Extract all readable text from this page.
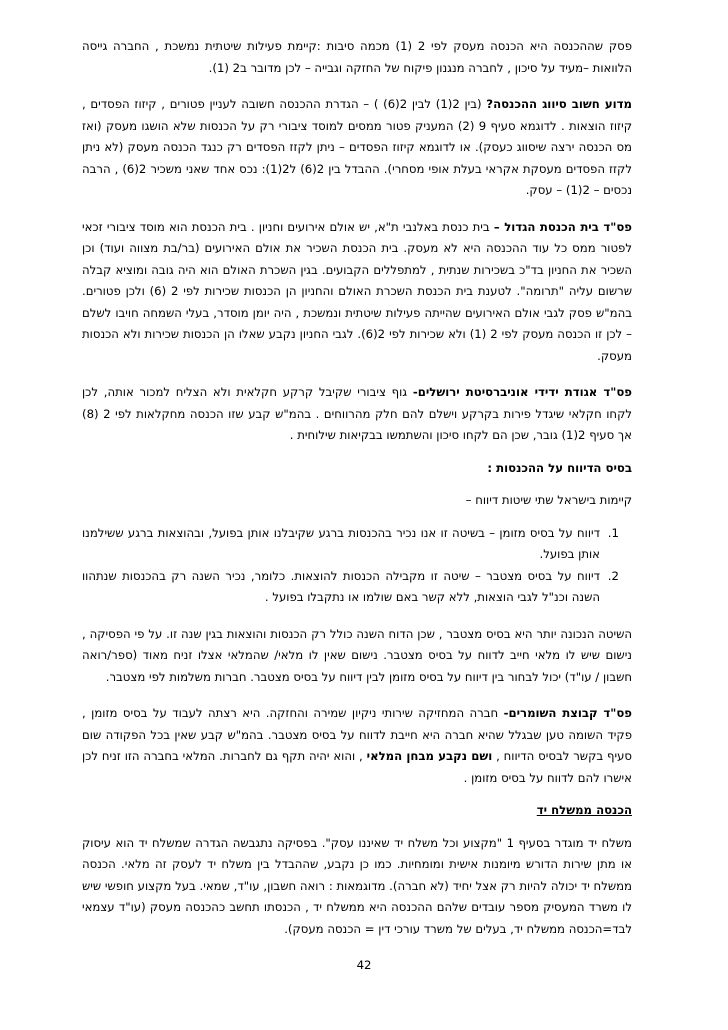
פסק שההכנסה היא הכנסה מעסק לפי 2 (1) מכמה סיבות :קיימת פעילות שיטתית נמשכת , החברה גייסה הלוואות –מעיד על סיכון , לחברה מנגנון פיקוח של החזקה וגבייה – לכן מדובר ב2 (1).

מדוע חשוב סיווג ההכנסה? (בין 2(1) לבין 2(6) ) – הגדרת ההכנסה חשובה לעניין פטורים , קיזוז הפסדים , קיזוז הוצאות . לדוגמא סעיף 9 (2) המעניק פטור ממסים למוסד ציבורי רק על הכנסות שלא הושגו מעסק (ואז מס הכנסה ירצה שיסווג כעסק). או לדוגמא קיזוז הפסדים – ניתן לקזז הפסדים רק כנגד הכנסה מעסק (לא ניתן לקזז הפסדים מעסקת אקראי בעלת אופי מסחרי). ההבדל בין 2(6) ל2(1): נכס אחד שאני משכיר 2(6) , הרבה נכסים – 2(1) – עסק.

פס"ד בית הכנסת הגדול – בית כנסת באלנבי ת"א, יש אולם אירועים וחניון . בית הכנסת הוא מוסד ציבורי זכאי לפטור ממס כל עוד ההכנסה היא לא מעסק. בית הכנסת השכיר את אולם האירועים (בר/בת מצווה ועוד) וכן השכיר את החניון בד"כ בשכירות שנתית , למתפללים הקבועים. בגין השכרת האולם הוא היה גובה ומוציא קבלה שרשום עליה "תרומה". לטענת בית הכנסת השכרת האולם והחניון הן הכנסות שכירות לפי 2 (6) ולכן פטורים. בהמ"ש פסק לגבי אולם האירועים שהייתה פעילות שיטתית ונמשכת , היה יומן מוסדר, בעלי השמחה חויבו לשלם – לכן זו הכנסה מעסק לפי 2 (1) ולא שכירות לפי 2(6). לגבי החניון נקבע שאלו הן הכנסות שכירות ולא הכנסות מעסק.

פס"ד אגודת ידידי אוניברסיטת ירושלים- גוף ציבורי שקיבל קרקע חקלאית ולא הצליח למכור אותה, לכן לקחו חקלאי שיגדל פירות בקרקע וישלם להם חלק מהרווחים . בהמ"ש קבע שזו הכנסה מחקלאות לפי 2 (8) אך סעיף 2(1) גובר, שכן הם לקחו סיכון והשתמשו בבקיאות שילוחית .

בסיס הדיווח על ההכנסות :

קיימות בישראל שתי שיטות דיווח –

1. דיווח על בסיס מזומן – בשיטה זו אנו נכיר בהכנסות ברגע שקיבלנו אותן בפועל, ובהוצאות ברגע ששילמנו אותן בפועל.
2. דיווח על בסיס מצטבר – שיטה זו מקבילה הכנסות להוצאות. כלומר, נכיר השנה רק בהכנסות שנתהוו השנה וכנ"ל לגבי הוצאות, ללא קשר באם שולמו או נתקבלו בפועל .

השיטה הנכונה יותר היא בסיס מצטבר , שכן הדוח השנה כולל רק הכנסות והוצאות בגין שנה זו. על פי הפסיקה , נישום שיש לו מלאי חייב לדווח על בסיס מצטבר. נישום שאין לו מלאי/ שהמלאי אצלו זניח מאוד (ספר/רואה חשבון / עו"ד) יכול לבחור בין דיווח על בסיס מזומן לבין דיווח על בסיס מצטבר. חברות משלמות לפי מצטבר.

פס"ד קבוצת השומרים- חברה המחזיקה שירותי ניקיון שמירה והחזקה. היא רצתה לעבוד על בסיס מזומן , פקיד השומה טען שבגלל שהיא חברה היא חייבת לדווח על בסיס מצטבר. בהמ"ש קבע שאין בכל הפקודה שום סעיף בקשר לבסיס הדיווח , ושם נקבע מבחן המלאי , והוא יהיה תקף גם לחברות. המלאי בחברה הזו זניח לכן אישרו להם לדווח על בסיס מזומן .

הכנסה ממשלח יד

משלח יד מוגדר בסעיף 1 "מקצוע וכל משלח יד שאיננו עסק". בפסיקה נתגבשה הגדרה שמשלח יד הוא עיסוק או מתן שירות הדורש מיומנות אישית ומומחיות. כמו כן נקבע, שההבדל בין משלח יד לעסק זה מלאי. הכנסה ממשלח יד יכולה להיות רק אצל יחיד (לא חברה). מדוגמאות : רואה חשבון, עו"ד, שמאי. בעל מקצוע חופשי שיש לו משרד המעסיק מספר עובדים שלהם ההכנסה היא ממשלח יד , הכנסתו תחשב כהכנסה מעסק (עו"ד עצמאי לבד=הכנסה ממשלח יד, בעלים של משרד עורכי דין = הכנסה מעסק).

42
